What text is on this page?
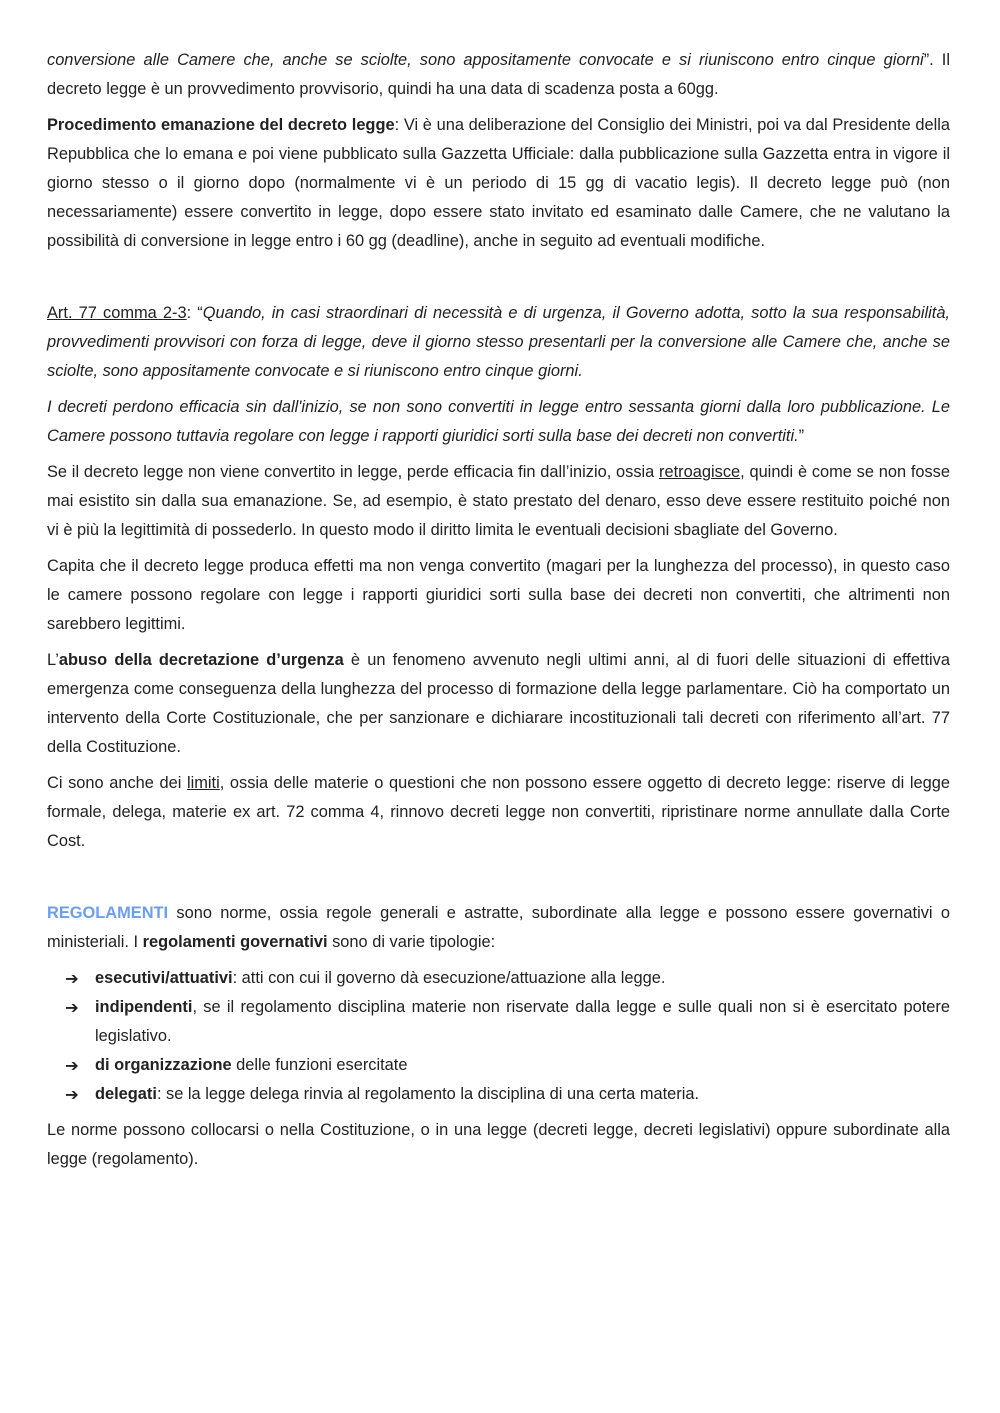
conversione alle Camere che, anche se sciolte, sono appositamente convocate e si riuniscono entro cinque giorni”. Il decreto legge è un provvedimento provvisorio, quindi ha una data di scadenza posta a 60gg.

Procedimento emanazione del decreto legge: Vi è una deliberazione del Consiglio dei Ministri, poi va dal Presidente della Repubblica che lo emana e poi viene pubblicato sulla Gazzetta Ufficiale: dalla pubblicazione sulla Gazzetta entra in vigore il giorno stesso o il giorno dopo (normalmente vi è un periodo di 15 gg di vacatio legis). Il decreto legge può (non necessariamente) essere convertito in legge, dopo essere stato invitato ed esaminato dalle Camere, che ne valutano la possibilità di conversione in legge entro i 60 gg (deadline), anche in seguito ad eventuali modifiche.

Art. 77 comma 2-3: “Quando, in casi straordinari di necessità e di urgenza, il Governo adotta, sotto la sua responsabilità, provvedimenti provvisori con forza di legge, deve il giorno stesso presentarli per la conversione alle Camere che, anche se sciolte, sono appositamente convocate e si riuniscono entro cinque giorni.

I decreti perdono efficacia sin dall'inizio, se non sono convertiti in legge entro sessanta giorni dalla loro pubblicazione. Le Camere possono tuttavia regolare con legge i rapporti giuridici sorti sulla base dei decreti non convertiti.”

Se il decreto legge non viene convertito in legge, perde efficacia fin dall’inizio, ossia retroagisce, quindi è come se non fosse mai esistito sin dalla sua emanazione. Se, ad esempio, è stato prestato del denaro, esso deve essere restituito poiché non vi è più la legittimità di possederlo. In questo modo il diritto limita le eventuali decisioni sbagliate del Governo.

Capita che il decreto legge produca effetti ma non venga convertito (magari per la lunghezza del processo), in questo caso le camere possono regolare con legge i rapporti giuridici sorti sulla base dei decreti non convertiti, che altrimenti non sarebbero legittimi.

L’abuso della decretazione d’urgenza è un fenomeno avvenuto negli ultimi anni, al di fuori delle situazioni di effettiva emergenza come conseguenza della lunghezza del processo di formazione della legge parlamentare. Ciò ha comportato un intervento della Corte Costituzionale, che per sanzionare e dichiarare incostituzionali tali decreti con riferimento all’art. 77 della Costituzione.

Ci sono anche dei limiti, ossia delle materie o questioni che non possono essere oggetto di decreto legge: riserve di legge formale, delega, materie ex art. 72 comma 4, rinnovo decreti legge non convertiti, ripristinare norme annullate dalla Corte Cost.

REGOLAMENTI sono norme, ossia regole generali e astratte, subordinate alla legge e possono essere governativi o ministeriali. I regolamenti governativi sono di varie tipologie:

➔ esecutivi/attuativi: atti con cui il governo dà esecuzione/attuazione alla legge.
➔ indipendenti, se il regolamento disciplina materie non riservate dalla legge e sulle quali non si è esercitato potere legislativo.
➔ di organizzazione delle funzioni esercitate
➔ delegati: se la legge delega rinvia al regolamento la disciplina di una certa materia.

Le norme possono collocarsi o nella Costituzione, o in una legge (decreti legge, decreti legislativi) oppure subordinate alla legge (regolamento).
